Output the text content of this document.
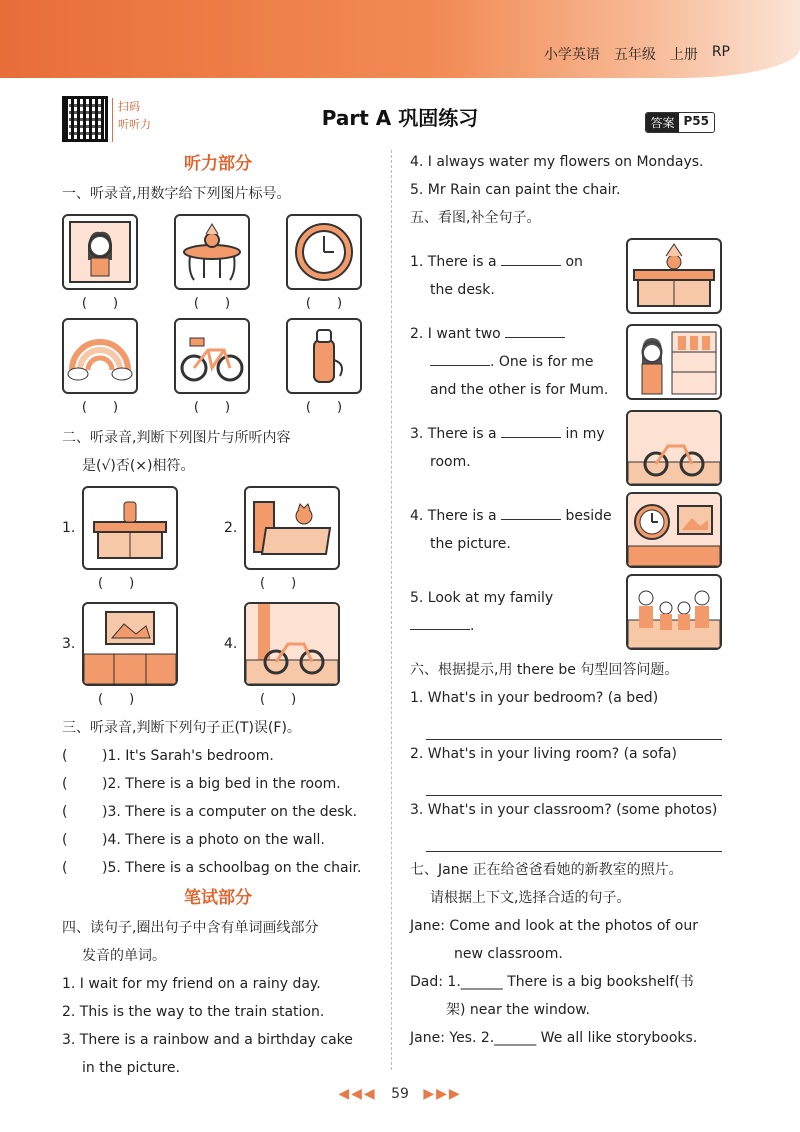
小学英语 五年级 上册 RP
扫码
听听力	Part A 巩固练习	答案 P55
听力部分
一、听录音,用数字给下列图片标号。
(　　)	(　　)	(　　)
(　　)	(　　)	(　　)
二、听录音,判断下列图片与所听内容
是(√)否(×)相符。
1.
(　　)
2.
(　　)
3.
(　　)
4.
(　　)
三、听录音,判断下列句子正(T)误(F)。
(	)1. It's Sarah's bedroom.
(	)2. There is a big bed in the room.
(	)3. There is a computer on the desk.
(	)4. There is a photo on the wall.
(	)5. There is a schoolbag on the chair.
笔试部分
四、读句子,圈出句子中含有单词画线部分
发音的单词。
1. I wait for my friend on a rainy day.
2. This is the way to the train station.
3. There is a rainbow and a birthday cake
in the picture.
4. I always water my flowers on Mondays.
5. Mr Rain can paint the chair.
五、看图,补全句子。
1. There is a	on
the desk.
2. I want two
. One is for me
and the other is for Mum.
3. There is a	in my
room.
4. There is a	beside
the picture.
5. Look at my family .
六、根据提示,用 there be 句型回答问题。
1. What's in your bedroom? (a bed)
2. What's in your living room? (a sofa)
3. What's in your classroom? (some photos)
七、Jane 正在给爸爸看她的新教室的照片。
请根据上下文,选择合适的句子。
Jane: Come and look at the photos of our
new classroom.
Dad: 1.______ There is a big bookshelf(书
架) near the window.
Jane: Yes. 2.______ We all like storybooks.
◀◀◀ 59 ▶▶▶
